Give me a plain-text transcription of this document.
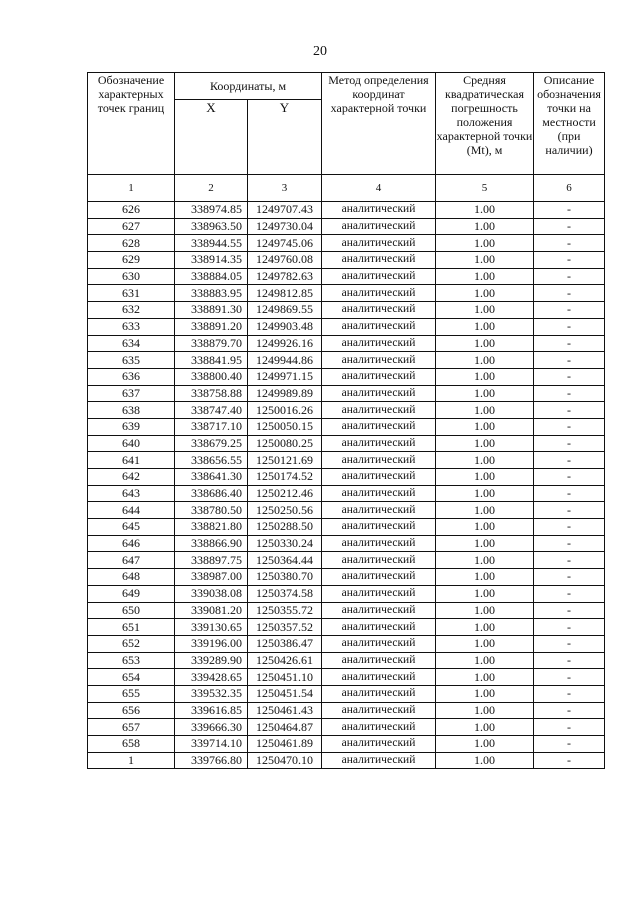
20
Обозначение характерных точек границ	Координаты, м		Метод определения координат характерной точки	Средняя квадратическая погрешность положения характерной точки (Mt), м	Описание обозначения точки на местности (при наличии)
	X	Y			
1	2	3	4	5	6
626	338974.85	1249707.43	аналитический	1.00	-
627	338963.50	1249730.04	аналитический	1.00	-
628	338944.55	1249745.06	аналитический	1.00	-
629	338914.35	1249760.08	аналитический	1.00	-
630	338884.05	1249782.63	аналитический	1.00	-
631	338883.95	1249812.85	аналитический	1.00	-
632	338891.30	1249869.55	аналитический	1.00	-
633	338891.20	1249903.48	аналитический	1.00	-
634	338879.70	1249926.16	аналитический	1.00	-
635	338841.95	1249944.86	аналитический	1.00	-
636	338800.40	1249971.15	аналитический	1.00	-
637	338758.88	1249989.89	аналитический	1.00	-
638	338747.40	1250016.26	аналитический	1.00	-
639	338717.10	1250050.15	аналитический	1.00	-
640	338679.25	1250080.25	аналитический	1.00	-
641	338656.55	1250121.69	аналитический	1.00	-
642	338641.30	1250174.52	аналитический	1.00	-
643	338686.40	1250212.46	аналитический	1.00	-
644	338780.50	1250250.56	аналитический	1.00	-
645	338821.80	1250288.50	аналитический	1.00	-
646	338866.90	1250330.24	аналитический	1.00	-
647	338897.75	1250364.44	аналитический	1.00	-
648	338987.00	1250380.70	аналитический	1.00	-
649	339038.08	1250374.58	аналитический	1.00	-
650	339081.20	1250355.72	аналитический	1.00	-
651	339130.65	1250357.52	аналитический	1.00	-
652	339196.00	1250386.47	аналитический	1.00	-
653	339289.90	1250426.61	аналитический	1.00	-
654	339428.65	1250451.10	аналитический	1.00	-
655	339532.35	1250451.54	аналитический	1.00	-
656	339616.85	1250461.43	аналитический	1.00	-
657	339666.30	1250464.87	аналитический	1.00	-
658	339714.10	1250461.89	аналитический	1.00	-
1	339766.80	1250470.10	аналитический	1.00	-
